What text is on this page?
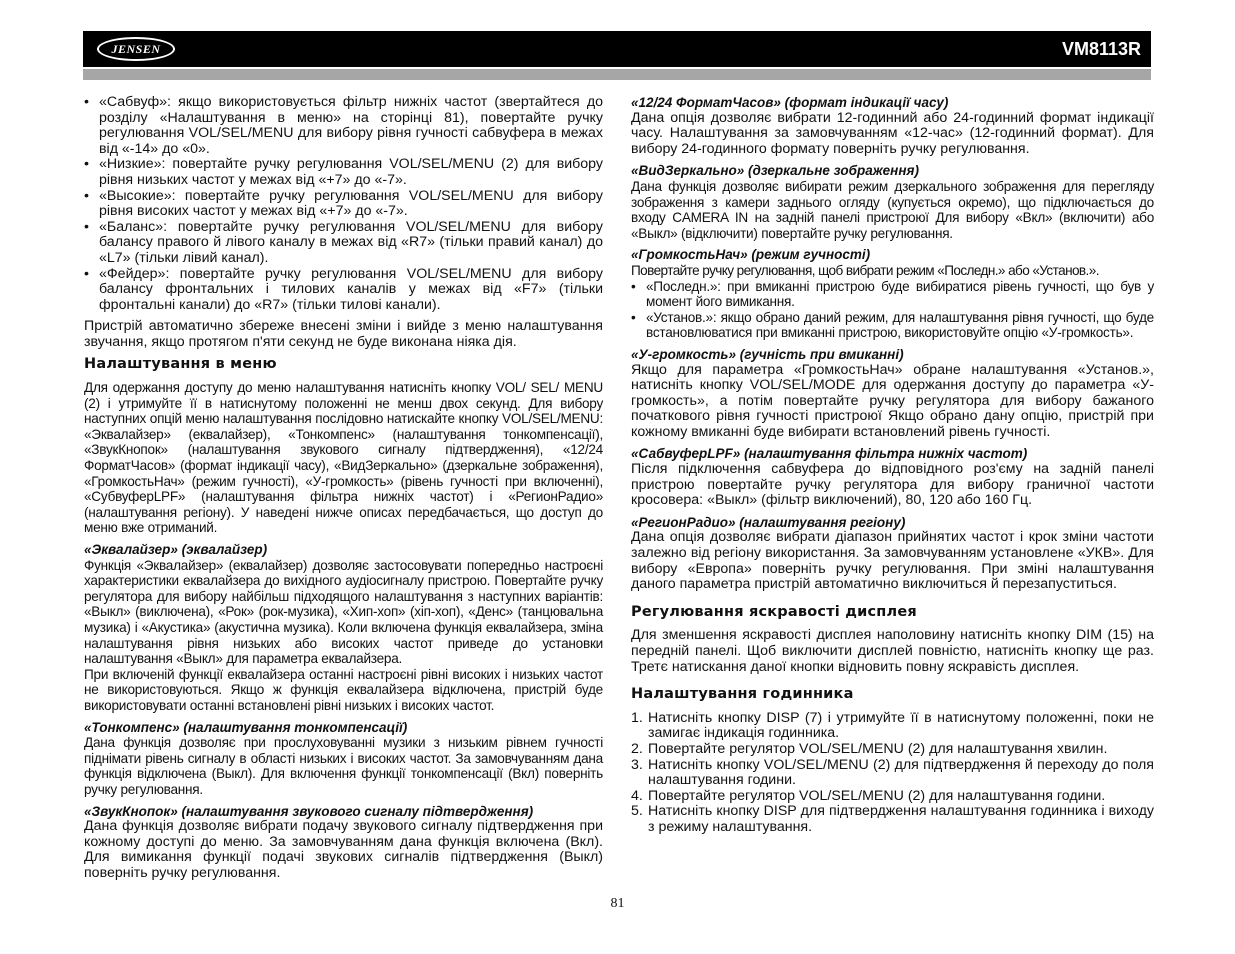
JENSEN	VM8113R
• «Сабвуф»: якщо використовується фільтр нижніх частот (звертайтеся до розділу «Налаштування в меню» на сторінці 81), повертайте ручку регулювання VOL/SEL/MENU для вибору рівня гучності сабвуфера в межах від «-14» до «0».
• «Низкие»: повертайте ручку регулювання VOL/SEL/MENU (2) для вибору рівня низьких частот у межах від «+7» до «-7».
• «Высокие»: повертайте ручку регулювання VOL/SEL/MENU для вибору рівня високих частот у межах від «+7» до «-7».
• «Баланс»: повертайте ручку регулювання VOL/SEL/MENU для вибору балансу правого й лівого каналу в межах від «R7» (тільки правий канал) до «L7» (тільки лівий канал).
• «Фейдер»: повертайте ручку регулювання VOL/SEL/MENU для вибору балансу фронтальних і тилових каналів у межах від «F7» (тільки фронтальні канали) до «R7» (тільки тилові канали).

Пристрій автоматично збереже внесені зміни і вийде з меню налаштування звучання, якщо протягом п'яти секунд не буде виконана ніяка дія.

Налаштування в меню

Для одержання доступу до меню налаштування натисніть кнопку VOL/ SEL/ MENU (2) і утримуйте її в натиснутому положенні не менш двох секунд. Для вибору наступних опцій меню налаштування послідовно натискайте кнопку VOL/SEL/MENU: «Эквалайзер» (еквалайзер), «Тонкомпенс» (налаштування тонкомпенсації), «ЗвукКнопок» (налаштування звукового сигналу підтвердження), «12/24 ФорматЧасов» (формат індикації часу), «ВидЗеркально» (дзеркальне зображення), «ГромкостьНач» (режим гучності), «У-громкость» (рівень гучності при включенні), «СубвуферLPF» (налаштування фільтра нижніх частот) і «РегионРадио» (налаштування регіону). У наведені нижче описах передбачається, що доступ до меню вже отриманий.

«Эквалайзер» (эквалайзер)

Функція «Эквалайзер» (еквалайзер) дозволяє застосовувати попередньо настроєні характеристики еквалайзера до вихідного аудіосигналу пристрою. Повертайте ручку регулятора для вибору найбільш підходящого налаштування з наступних варіантів: «Выкл» (виключена), «Рок» (рок-музика), «Хип-хоп» (хіп-хоп), «Денс» (танцювальна музика) і «Акустика» (акустична музика). Коли включена функція еквалайзера, зміна налаштування рівня низьких або високих частот приведе до установки налаштування «Выкл» для параметра еквалайзера.

При включеній функції еквалайзера останні настроєні рівні високих і низьких частот не використовуються. Якщо ж функція еквалайзера відключена, пристрій буде використовувати останні встановлені рівні низьких і високих частот.

«Тонкомпенс» (налаштування тонкомпенсації)

Дана функція дозволяє при прослуховуванні музики з низьким рівнем гучності піднімати рівень сигналу в області низьких і високих частот. За замовчуванням дана функція відключена (Выкл). Для включення функції тонкомпенсації (Вкл) поверніть ручку регулювання.

«ЗвукКнопок» (налаштування звукового сигналу підтвердження)

Дана функція дозволяє вибрати подачу звукового сигналу підтвердження при кожному доступі до меню. За замовчуванням дана функція включена (Вкл). Для вимикання функції подачі звукових сигналів підтвердження (Выкл) поверніть ручку регулювання.

«12/24 ФорматЧасов» (формат індикації часу)

Дана опція дозволяє вибрати 12-годинний або 24-годинний формат індикації часу. Налаштування за замовчуванням «12-час» (12-годинний формат). Для вибору 24-годинного формату поверніть ручку регулювання.

«ВидЗеркально» (дзеркальне зображення)

Дана функція дозволяє вибирати режим дзеркального зображення для перегляду зображення з камери заднього огляду (купується окремо), що підключається до входу CAMERA IN на задній панелі пристроюї Для вибору «Вкл» (включити) або «Выкл» (відключити) повертайте ручку регулювання.

«ГромкостьНач» (режим гучності)

Повертайте ручку регулювання, щоб вибрати режим «Последн.» або «Установ.».

• «Последн.»: при вмиканні пристрою буде вибиратися рівень гучності, що був у момент його вимикання.
• «Установ.»: якщо обрано даний режим, для налаштування рівня гучності, що буде встановлюватися при вмиканні пристрою, використовуйте опцію «У-громкость».
«У-громкость» (гучність при вмиканні)

Якщо для параметра «ГромкостьНач» обране налаштування «Установ.», натисніть кнопку VOL/SEL/MODE для одержання доступу до параметра «У-громкость», а потім повертайте ручку регулятора для вибору бажаного початкового рівня гучності пристроюї Якщо обрано дану опцію, пристрій при кожному вмиканні буде вибирати встановлений рівень гучності.

«СабвуферLPF» (налаштування фільтра нижніх частот)

Після підключення сабвуфера до відповідного роз'єму на задній панелі пристрою повертайте ручку регулятора для вибору граничної частоти кросовера: «Выкл» (фільтр виключений), 80, 120 або 160 Гц.

«РегионРадио» (налаштування регіону)

Дана опція дозволяє вибрати діапазон прийнятих частот і крок зміни частоти залежно від регіону використання. За замовчуванням установлене «УКВ». Для вибору «Европа» поверніть ручку регулювання. При зміні налаштування даного параметра пристрій автоматично виключиться й перезапуститься.

Регулювання яскравості дисплея

Для зменшення яскравості дисплея наполовину натисніть кнопку DIM (15) на передній панелі. Щоб виключити дисплей повністю, натисніть кнопку ще раз. Третє натискання даної кнопки відновить повну яскравість дисплея.

Налаштування годинника
1. Натисніть кнопку DISP (7) і утримуйте її в натиснутому положенні, поки не замигає індикація годинника.
2. Повертайте регулятор VOL/SEL/MENU (2) для налаштування хвилин.
3. Натисніть кнопку VOL/SEL/MENU (2) для підтвердження й переходу до поля налаштування години.
4. Повертайте регулятор VOL/SEL/MENU (2) для налаштування години.
5. Натисніть кнопку DISP для підтвердження налаштування годинника і виходу з режиму налаштування.
81
